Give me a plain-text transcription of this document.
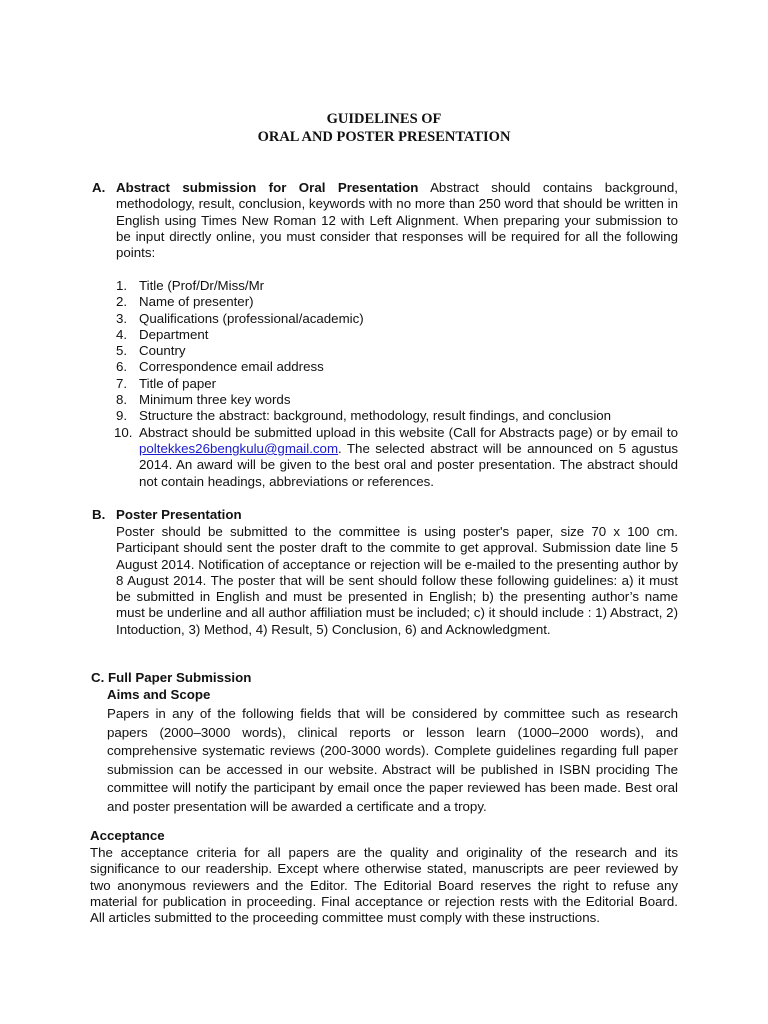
GUIDELINES OF
ORAL AND POSTER PRESENTATION
A. Abstract submission for Oral Presentation Abstract should contains background, methodology, result, conclusion, keywords with no more than 250 word that should be written in English using Times New Roman 12 with Left Alignment. When preparing your submission to be input directly online, you must consider that responses will be required for all the following points:
1. Title (Prof/Dr/Miss/Mr
2. Name of presenter)
3. Qualifications (professional/academic)
4. Department
5. Country
6. Correspondence email address
7. Title of paper
8. Minimum three key words
9. Structure the abstract: background, methodology, result findings, and conclusion
10. Abstract should be submitted upload in this website (Call for Abstracts page) or by email to poltekkes26bengkulu@gmail.com. The selected abstract will be announced on 5 agustus 2014. An award will be given to the best oral and poster presentation. The abstract should not contain headings, abbreviations or references.
B. Poster Presentation
Poster should be submitted to the committee is using poster's paper, size 70 x 100 cm. Participant should sent the poster draft to the commite to get approval. Submission date line 5 August 2014. Notification of acceptance or rejection will be e-mailed to the presenting author by 8 August 2014. The poster that will be sent should follow these following guidelines: a) it must be submitted in English and must be presented in English; b) the presenting author’s name must be underline and all author affiliation must be included; c) it should include : 1) Abstract, 2) Intoduction, 3) Method, 4) Result, 5) Conclusion, 6) and Acknowledgment.
C. Full Paper Submission
Aims and Scope
Papers in any of the following fields that will be considered by committee such as research papers (2000–3000 words), clinical reports or lesson learn (1000–2000 words), and comprehensive systematic reviews (200-3000 words). Complete guidelines regarding full paper submission can be accessed in our website. Abstract will be published in ISBN prociding The committee will notify the participant by email once the paper reviewed has been made. Best oral and poster presentation will be awarded a certificate and a tropy.
Acceptance
The acceptance criteria for all papers are the quality and originality of the research and its significance to our readership. Except where otherwise stated, manuscripts are peer reviewed by two anonymous reviewers and the Editor. The Editorial Board reserves the right to refuse any material for publication in proceeding. Final acceptance or rejection rests with the Editorial Board. All articles submitted to the proceeding committee must comply with these instructions.
